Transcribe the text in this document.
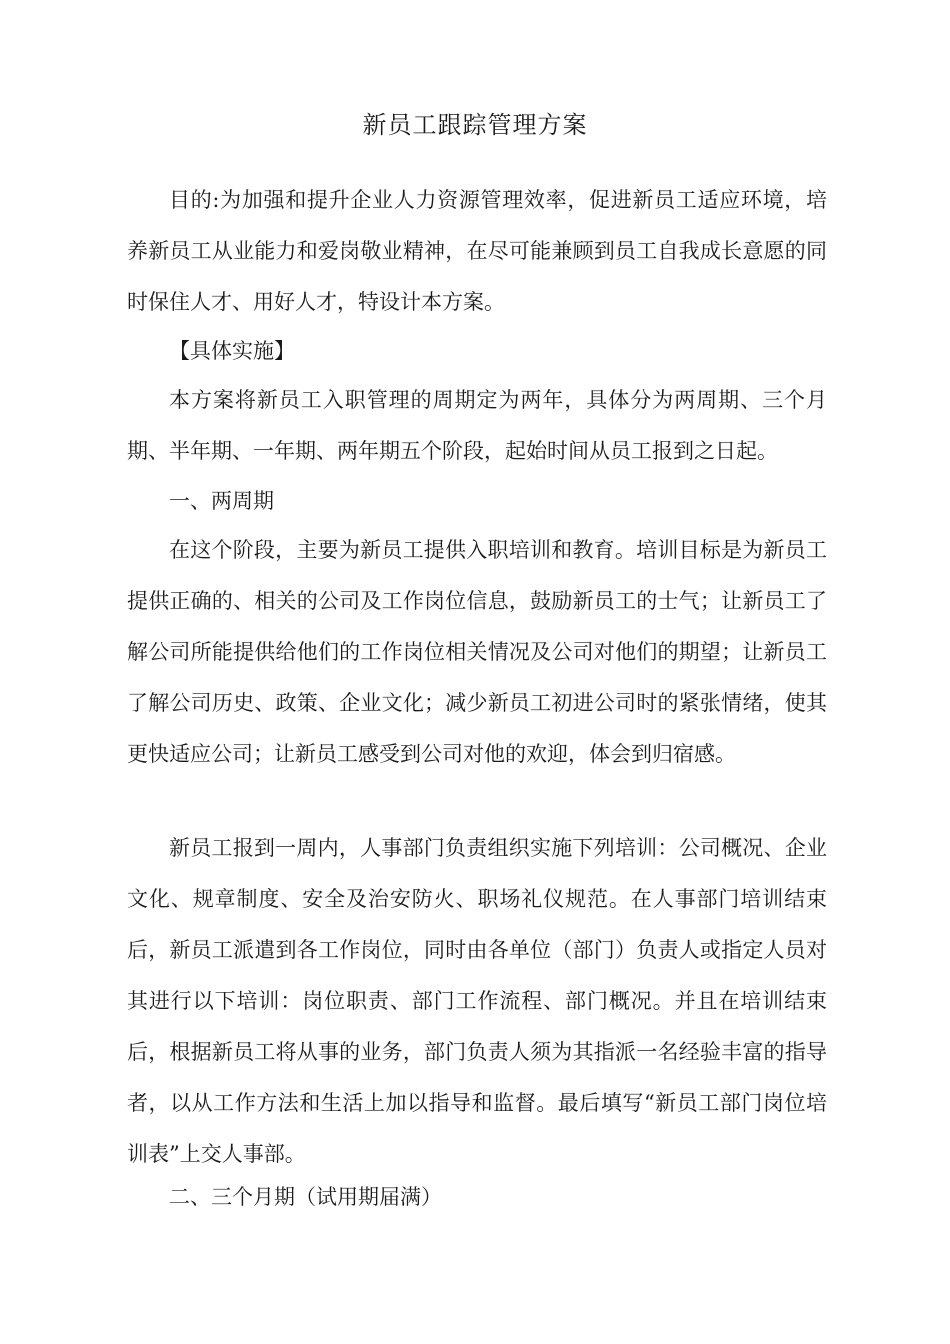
新员工跟踪管理方案

目的:为加强和提升企业人力资源管理效率，促进新员工适应环境，培养新员工从业能力和爱岗敬业精神，在尽可能兼顾到员工自我成长意愿的同时保住人才、用好人才，特设计本方案。

【具体实施】

本方案将新员工入职管理的周期定为两年，具体分为两周期、三个月期、半年期、一年期、两年期五个阶段，起始时间从员工报到之日起。

一、两周期

在这个阶段，主要为新员工提供入职培训和教育。培训目标是为新员工提供正确的、相关的公司及工作岗位信息，鼓励新员工的士气；让新员工了解公司所能提供给他们的工作岗位相关情况及公司对他们的期望；让新员工了解公司历史、政策、企业文化；减少新员工初进公司时的紧张情绪，使其更快适应公司；让新员工感受到公司对他的欢迎，体会到归宿感。

新员工报到一周内，人事部门负责组织实施下列培训：公司概况、企业文化、规章制度、安全及治安防火、职场礼仪规范。在人事部门培训结束后，新员工派遣到各工作岗位，同时由各单位（部门）负责人或指定人员对其进行以下培训：岗位职责、部门工作流程、部门概况。并且在培训结束后，根据新员工将从事的业务，部门负责人须为其指派一名经验丰富的指导者，以从工作方法和生活上加以指导和监督。最后填写“新员工部门岗位培训表”上交人事部。

二、三个月期（试用期届满）
